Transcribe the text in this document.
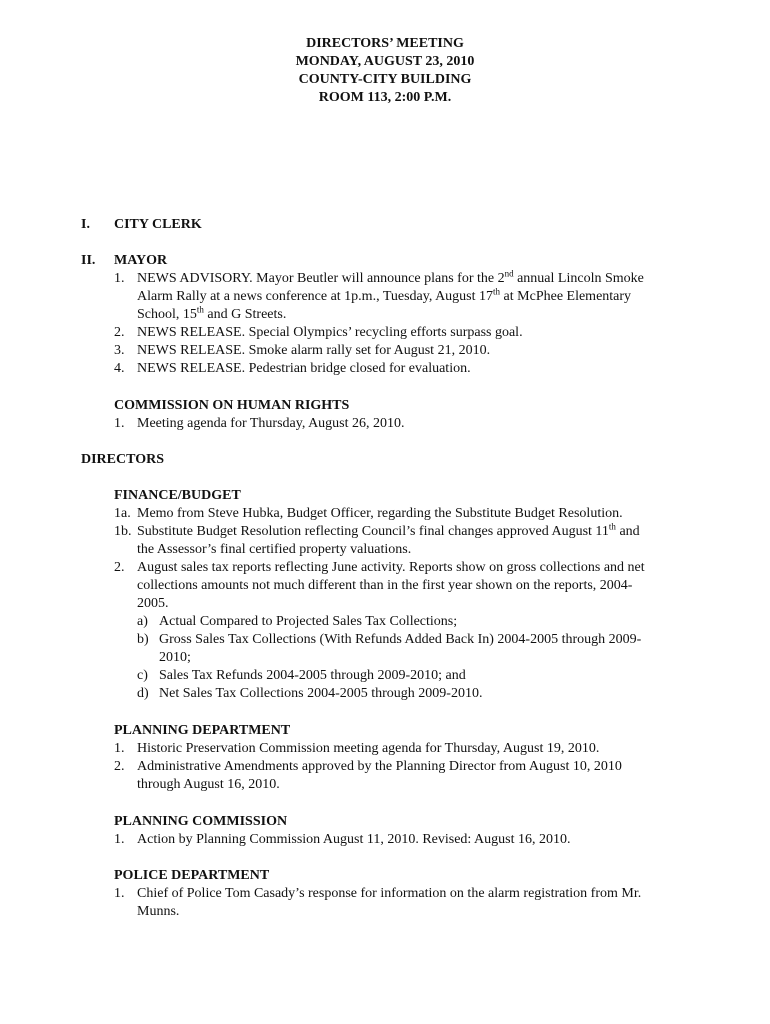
DIRECTORS’ MEETING
MONDAY, AUGUST 23, 2010
COUNTY-CITY BUILDING
ROOM 113, 2:00 P.M.
I. CITY CLERK
II. MAYOR
1. NEWS ADVISORY. Mayor Beutler will announce plans for the 2nd annual Lincoln Smoke
Alarm Rally at a news conference at 1p.m., Tuesday, August 17th at McPhee Elementary
School, 15th and G Streets.
2. NEWS RELEASE. Special Olympics’ recycling efforts surpass goal.
3. NEWS RELEASE. Smoke alarm rally set for August 21, 2010.
4. NEWS RELEASE. Pedestrian bridge closed for evaluation.
COMMISSION ON HUMAN RIGHTS
1. Meeting agenda for Thursday, August 26, 2010.
DIRECTORS
FINANCE/BUDGET
1a. Memo from Steve Hubka, Budget Officer, regarding the Substitute Budget Resolution.
1b. Substitute Budget Resolution reflecting Council’s final changes approved August 11th and
the Assessor’s final certified property valuations.
2. August sales tax reports reflecting June activity. Reports show on gross collections and net
collections amounts not much different than in the first year shown on the reports, 2004-
2005.
a) Actual Compared to Projected Sales Tax Collections;
b) Gross Sales Tax Collections (With Refunds Added Back In) 2004-2005 through 2009-
2010;
c) Sales Tax Refunds 2004-2005 through 2009-2010; and
d) Net Sales Tax Collections 2004-2005 through 2009-2010.
PLANNING DEPARTMENT
1. Historic Preservation Commission meeting agenda for Thursday, August 19, 2010.
2. Administrative Amendments approved by the Planning Director from August 10, 2010
through August 16, 2010.
PLANNING COMMISSION
1. Action by Planning Commission August 11, 2010. Revised: August 16, 2010.
POLICE DEPARTMENT
1. Chief of Police Tom Casady’s response for information on the alarm registration from Mr.
Munns.
